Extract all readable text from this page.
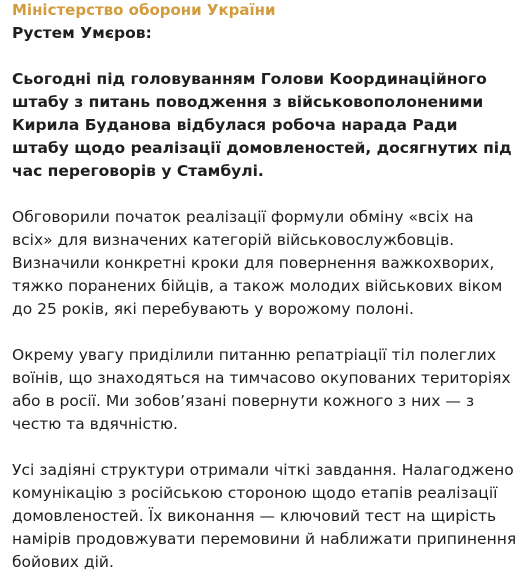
Міністерство оборони України

Рустем Умєров:

Сьогодні під головуванням Голови Координаційного штабу з питань поводження з військовополоненими Кирила Буданова відбулася робоча нарада Ради штабу щодо реалізації домовленостей, досягнутих під час переговорів у Стамбулі.

Обговорили початок реалізації формули обміну «всіх на всіх» для визначених категорій військовослужбовців. Визначили конкретні кроки для повернення важкохворих, тяжко поранених бійців, а також молодих військових віком до 25 років, які перебувають у ворожому полоні.

Окрему увагу приділили питанню репатріації тіл полеглих воїнів, що знаходяться на тимчасово окупованих територіях або в росії. Ми зобов’язані повернути кожного з них — з честю та вдячністю.

Усі задіяні структури отримали чіткі завдання. Налагоджено комунікацію з російською стороною щодо етапів реалізації домовленостей. Їх виконання — ключовий тест на щирість намірів продовжувати перемовини й наближати припинення бойових дій.
